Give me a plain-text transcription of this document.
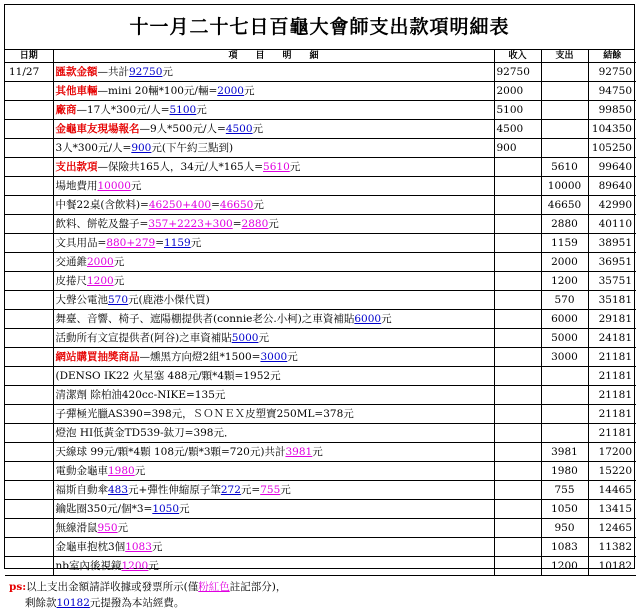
十一月二十七日百龜大會師支出款項明細表
日期	項　　目　　明　　細	收入	支出	結餘
11/27	匯款金額—共計92750元	92750		92750
	其他車輛—mini 20輛*100元/輛=2000元	2000		94750
	廠商—17人*300元/人=5100元	5100		99850
	金龜車友現場報名—9人*500元/人=4500元	4500		104350
	3人*300元/人=900元(下午約三點到)	900		105250
	支出款項—保險共165人，34元/人*165人=5610元		5610	99640
	場地費用10000元		10000	89640
	中餐22桌(含飲料)=46250+400=46650元		46650	42990
	飲料、餅乾及盤子=357+2223+300=2880元		2880	40110
	文具用品=880+279=1159元		1159	38951
	交通錐2000元		2000	36951
	皮捲尺1200元		1200	35751
	大聲公電池570元(鹿港小傑代買)		570	35181
	舞臺、音響、椅子、遮陽棚提供者(connie老公.小柯)之車資補貼6000元		6000	29181
	活動所有文宣提供者(阿谷)之車資補貼5000元		5000	24181
	網站購買抽獎商品—燻黑方向燈2組*1500=3000元		3000	21181
	(DENSO IK22 火星塞 488元/顆*4顆=1952元			21181
	清潔劑 除柏油420cc-NIKE=135元			21181
	子彈極光臘AS390=398元，ＳＯＮＥＸ皮塑寶250ML=378元			21181
	燈泡 HI低黃金TD539-鈦刀=398元．			21181
	天線球 99元/顆*4顆 108元/顆*3顆=720元)共計3981元		3981	17200
	電動金龜車1980元		1980	15220
	福斯自動傘483元+彈性伸縮原子筆272元=755元		755	14465
	鑰匙圈350元/個*3=1050元		1050	13415
	無線滑鼠950元		950	12465
	金龜車抱枕3個1083元		1083	11382
	nb室內後視鏡1200元		1200	10182
ps:以上支出金額請詳收據或發票所示(僅粉紅色註記部分)，
剩餘款10182元提撥為本站經費。
